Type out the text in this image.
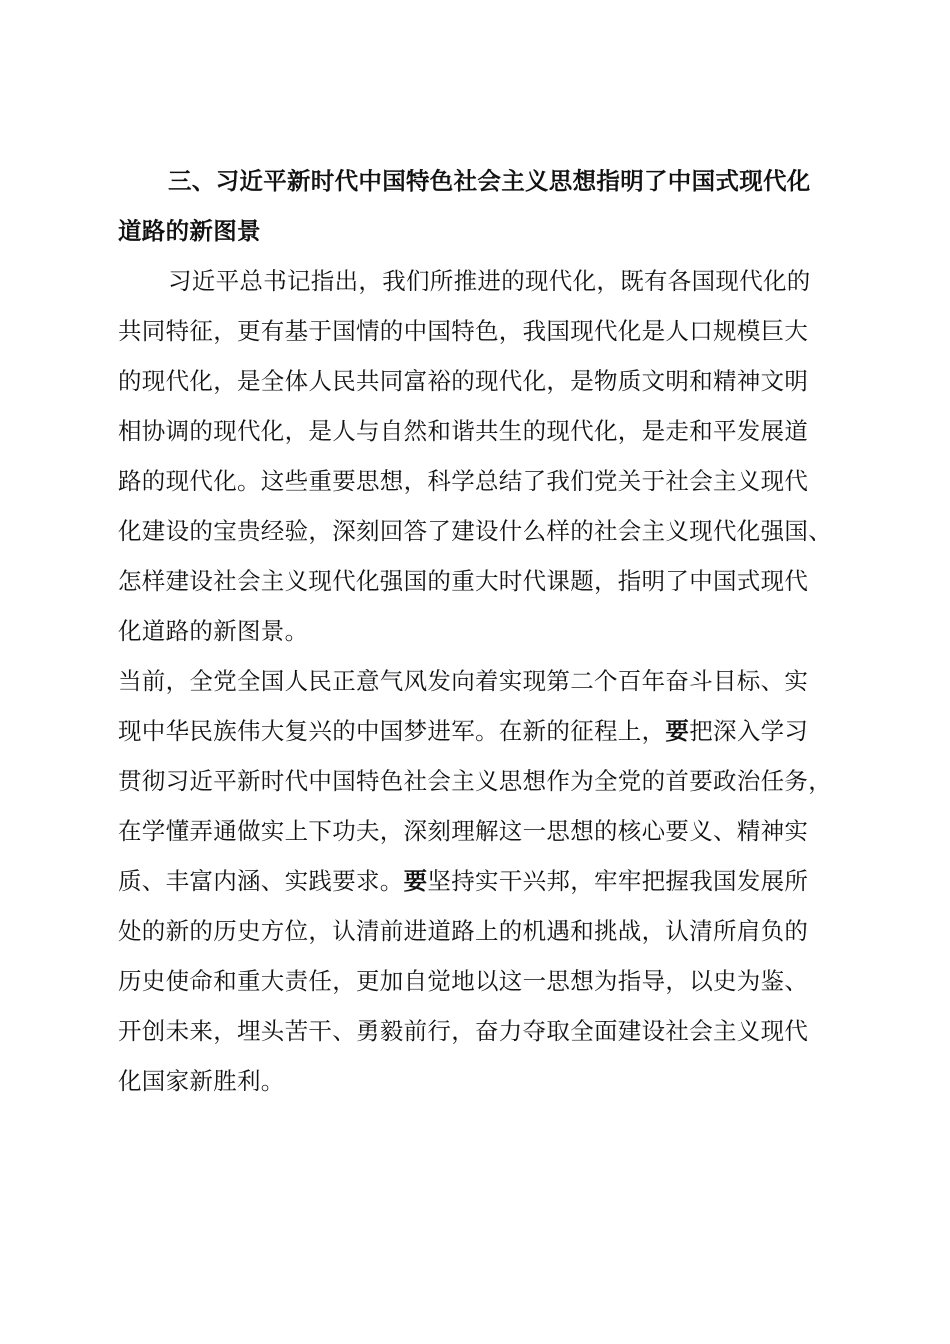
三、习近平新时代中国特色社会主义思想指明了中国式现代化
道路的新图景
习近平总书记指出，我们所推进的现代化，既有各国现代化的
共同特征，更有基于国情的中国特色，我国现代化是人口规模巨大
的现代化，是全体人民共同富裕的现代化，是物质文明和精神文明
相协调的现代化，是人与自然和谐共生的现代化，是走和平发展道
路的现代化。这些重要思想，科学总结了我们党关于社会主义现代
化建设的宝贵经验，深刻回答了建设什么样的社会主义现代化强国、
怎样建设社会主义现代化强国的重大时代课题，指明了中国式现代
化道路的新图景。
当前，全党全国人民正意气风发向着实现第二个百年奋斗目标、实
现中华民族伟大复兴的中国梦进军。在新的征程上，要把深入学习
贯彻习近平新时代中国特色社会主义思想作为全党的首要政治任务，
在学懂弄通做实上下功夫，深刻理解这一思想的核心要义、精神实
质、丰富内涵、实践要求。要坚持实干兴邦，牢牢把握我国发展所
处的新的历史方位，认清前进道路上的机遇和挑战，认清所肩负的
历史使命和重大责任，更加自觉地以这一思想为指导，以史为鉴、
开创未来，埋头苦干、勇毅前行，奋力夺取全面建设社会主义现代
化国家新胜利。
